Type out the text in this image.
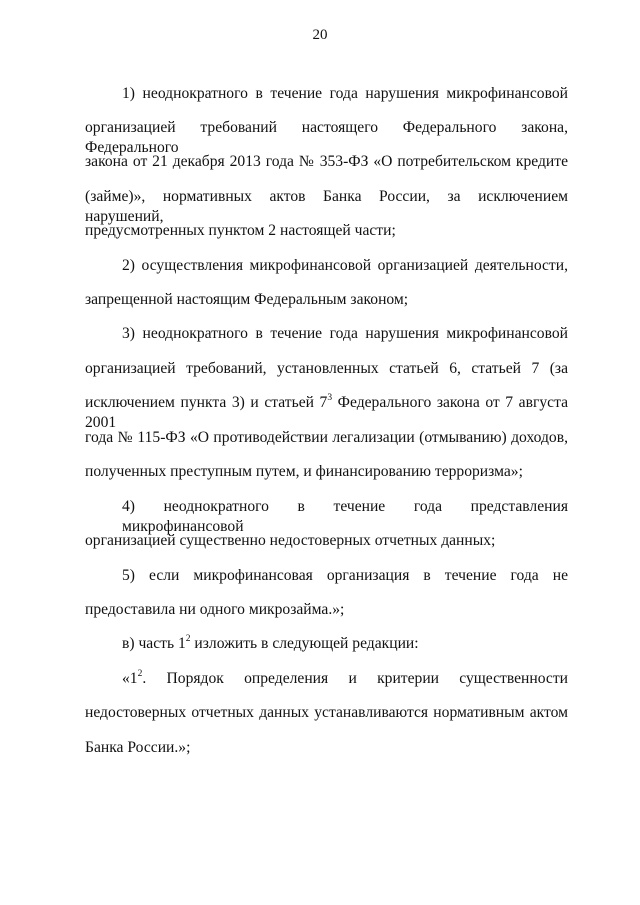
20
1) неоднократного в течение года нарушения микрофинансовой
организацией требований настоящего Федерального закона, Федерального
закона от 21 декабря 2013 года № 353-ФЗ «О потребительском кредите
(займе)», нормативных актов Банка России, за исключением нарушений,
предусмотренных пунктом 2 настоящей части;
2) осуществления микрофинансовой организацией деятельности,
запрещенной настоящим Федеральным законом;
3) неоднократного в течение года нарушения микрофинансовой
организацией требований, установленных статьей 6, статьей 7 (за
исключением пункта 3) и статьей $7^3$ Федерального закона от 7 августа 2001
года № 115-ФЗ «О противодействии легализации (отмыванию) доходов,
полученных преступным путем, и финансированию терроризма»;
4) неоднократного в течение года представления микрофинансовой
организацией существенно недостоверных отчетных данных;
5) если микрофинансовая организация в течение года не
предоставила ни одного микрозайма.»;
в) часть $1^2$ изложить в следующей редакции:
«$1^2$. Порядок определения и критерии существенности
недостоверных отчетных данных устанавливаются нормативным актом
Банка России.»;
